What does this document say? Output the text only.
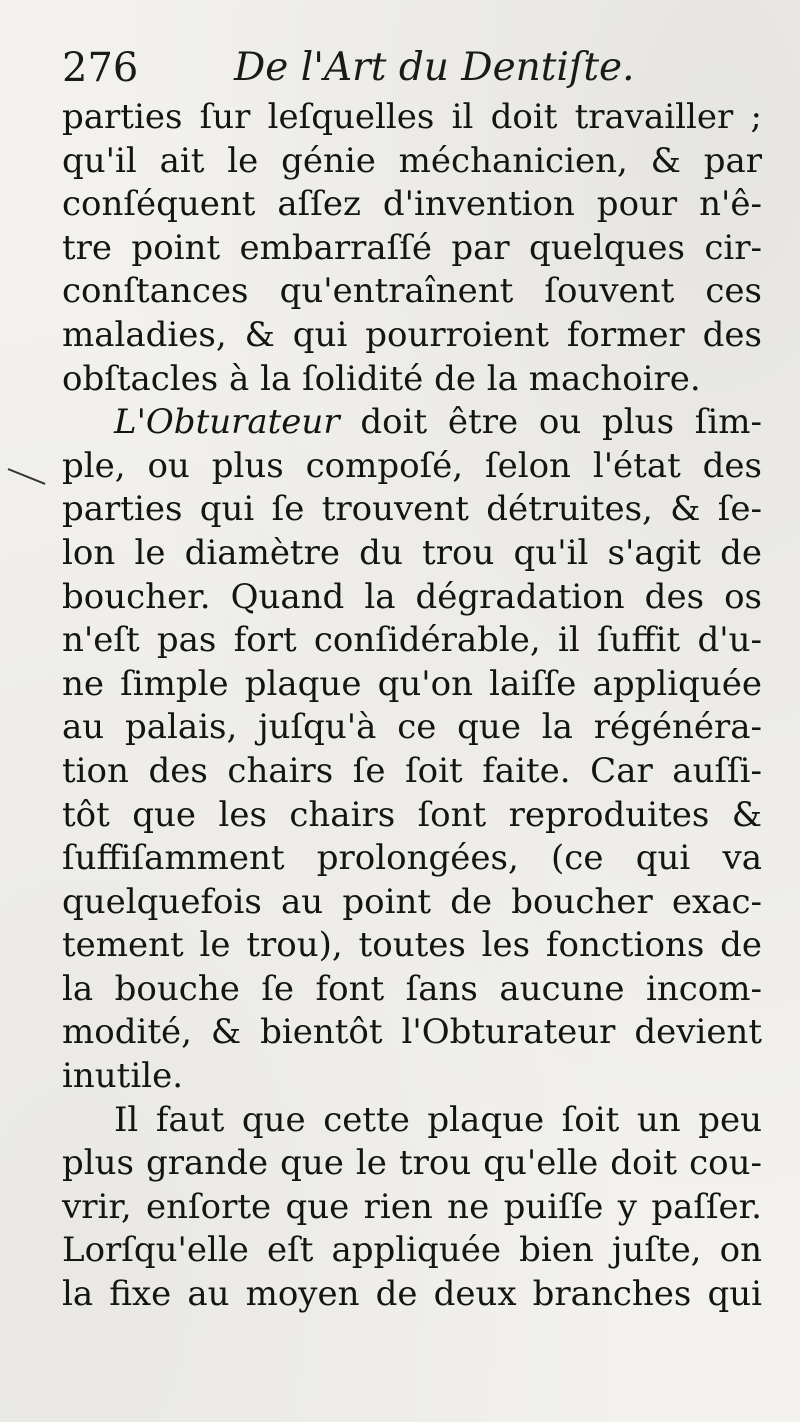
276 De l'Art du Dentiſte.
parties ſur leſquelles il doit travailler ;
qu'il ait le génie méchanicien, & par
conſéquent aſſez d'invention pour n'ê-
tre point embarraſſé par quelques cir-
conſtances qu'entraînent ſouvent ces
maladies, & qui pourroient former des
obſtacles à la ſolidité de la machoire.
L'Obturateur doit être ou plus ſim-
ple, ou plus compoſé, ſelon l'état des
parties qui ſe trouvent détruites, & ſe-
lon le diamètre du trou qu'il s'agit de
boucher. Quand la dégradation des os
n'eſt pas fort conſidérable, il ſuffit d'u-
ne ſimple plaque qu'on laiſſe appliquée
au palais, juſqu'à ce que la régénéra-
tion des chairs ſe ſoit faite. Car auſſi-
tôt que les chairs ſont reproduites &
ſuffiſamment prolongées, (ce qui va
quelquefois au point de boucher exac-
tement le trou), toutes les fonctions de
la bouche ſe font ſans aucune incom-
modité, & bientôt l'Obturateur devient
inutile.
Il faut que cette plaque ſoit un peu
plus grande que le trou qu'elle doit cou-
vrir, enſorte que rien ne puiſſe y paſſer.
Lorſqu'elle eſt appliquée bien juſte, on
la fixe au moyen de deux branches qui
